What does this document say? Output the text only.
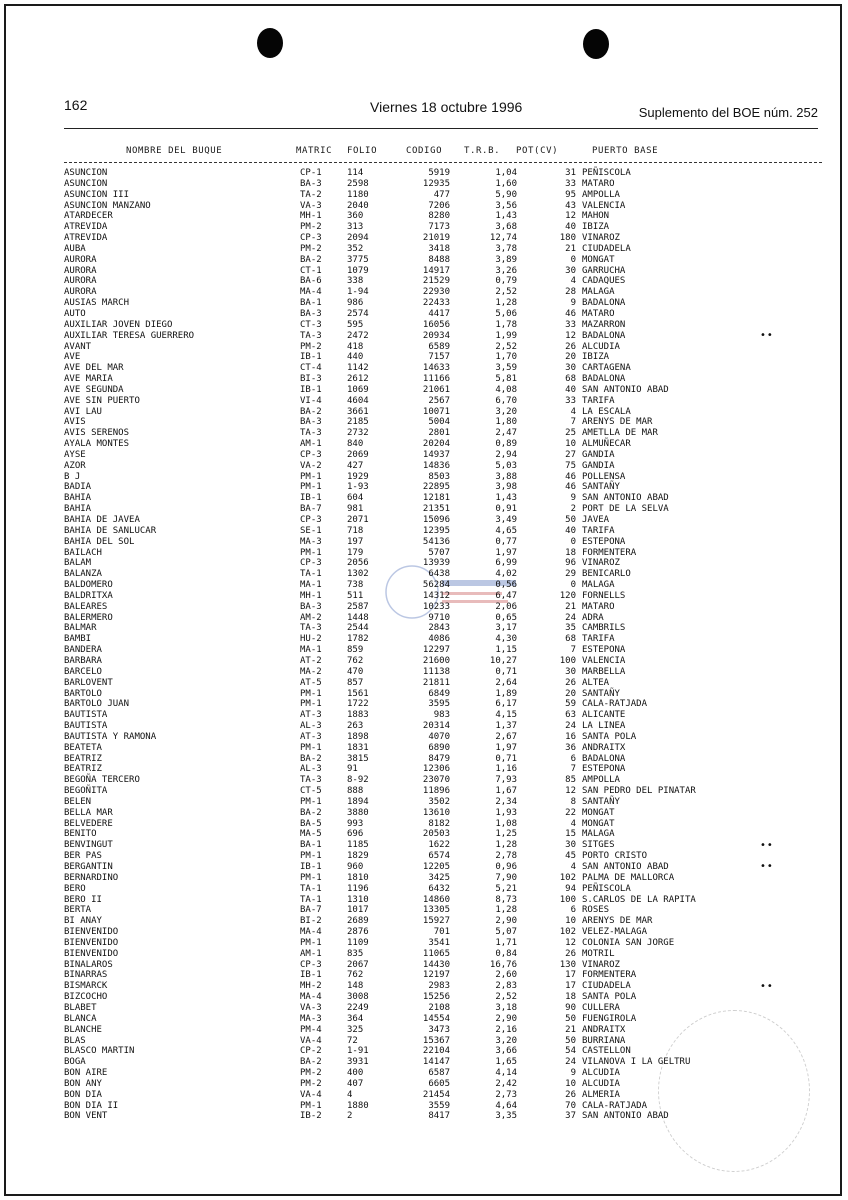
162	Viernes 18 octubre 1996	Suplemento del BOE núm. 252
NOMBRE DEL BUQUE	MATRIC FOLIO	CODIGO T.R.B. POT(CV)	PUERTO BASE
ASUNCION	CP-1	114	5919	1,04	31 PEÑISCOLA
ASUNCION	BA-3	2598	12935	1,60	33 MATARO
ASUNCION III	TA-2	1180	477	5,90	95 AMPOLLA
ASUNCION MANZANO	VA-3	2040	7206	3,56	43 VALENCIA
ATARDECER	MH-1	360	8280	1,43	12 MAHON
ATREVIDA	PM-2	313	7173	3,68	40 IBIZA
ATREVIDA	CP-3	2094	21019	12,74	180 VINAROZ
AUBA	PM-2	352	3418	3,78	21 CIUDADELA
AURORA	BA-2	3775	8488	3,89	0 MONGAT
AURORA	CT-1	1079	14917	3,26	30 GARRUCHA
AURORA	BA-6	338	21529	0,79	4 CADAQUES
AURORA	MA-4	1-94	22930	2,52	28 MALAGA
AUSIAS MARCH	BA-1	986	22433	1,28	9 BADALONA
AUTO	BA-3	2574	4417	5,06	46 MATARO
AUXILIAR JOVEN DIEGO	CT-3	595	16056	1,78	33 MAZARRON
AUXILIAR TERESA GUERRERO	TA-3	2472	20934	1,99	12 BADALONA
AVANT	PM-2	418	6589	2,52	26 ALCUDIA
AVE	IB-1	440	7157	1,70	20 IBIZA
AVE DEL MAR	CT-4	1142	14633	3,59	30 CARTAGENA
AVE MARIA	BI-3	2612	11166	5,81	68 BADALONA
AVE SEGUNDA	IB-1	1069	21061	4,08	40 SAN ANTONIO ABAD
AVE SIN PUERTO	VI-4	4604	2567	6,70	33 TARIFA
AVI LAU	BA-2	3661	10071	3,20	4 LA ESCALA
AVIS	BA-3	2185	5004	1,80	7 ARENYS DE MAR
AVIS SERENOS	TA-3	2732	2801	2,47	25 AMETLLA DE MAR
AYALA MONTES	AM-1	840	20204	0,89	10 ALMUÑECAR
AYSE	CP-3	2069	14937	2,94	27 GANDIA
AZOR	VA-2	427	14836	5,03	75 GANDIA
B J	PM-1	1929	8503	3,88	46 POLLENSA
BADIA	PM-1	1-93	22895	3,98	46 SANTAÑY
BAHIA	IB-1	604	12181	1,43	9 SAN ANTONIO ABAD
BAHIA	BA-7	981	21351	0,91	2 PORT DE LA SELVA
BAHIA DE JAVEA	CP-3	2071	15096	3,49	50 JAVEA
BAHIA DE SANLUCAR	SE-1	718	12395	4,65	40 TARIFA
BAHIA DEL SOL	MA-3	197	54136	0,77	0 ESTEPONA
BAILACH	PM-1	179	5707	1,97	18 FORMENTERA
BALAM	CP-3	2056	13939	6,99	96 VINAROZ
BALANZA	TA-1	1302	6438	4,02	29 BENICARLO
BALDOMERO	MA-1	738	56284	0,56	0 MALAGA
BALDRITXA	MH-1	511	14312	6,47	120 FORNELLS
BALEARES	BA-3	2587	10233	2,06	21 MATARO
BALERMERO	AM-2	1448	9710	0,65	24 ADRA
BALMAR	TA-3	2544	2843	3,17	35 CAMBRILS
BAMBI	HU-2	1782	4086	4,30	68 TARIFA
BANDERA	MA-1	859	12297	1,15	7 ESTEPONA
BARBARA	AT-2	762	21600	10,27	100 VALENCIA
BARCELO	MA-2	470	11138	0,71	30 MARBELLA
BARLOVENT	AT-5	857	21811	2,64	26 ALTEA
BARTOLO	PM-1	1561	6849	1,89	20 SANTAÑY
BARTOLO JUAN	PM-1	1722	3595	6,17	59 CALA-RATJADA
BAUTISTA	AT-3	1883	983	4,15	63 ALICANTE
BAUTISTA	AL-3	263	20314	1,37	24 LA LINEA
BAUTISTA Y RAMONA	AT-3	1898	4070	2,67	16 SANTA POLA
BEATETA	PM-1	1831	6890	1,97	36 ANDRAITX
BEATRIZ	BA-2	3815	8479	0,71	6 BADALONA
BEATRIZ	AL-3	91	12306	1,16	7 ESTEPONA
BEGOÑA TERCERO	TA-3	8-92	23070	7,93	85 AMPOLLA
BEGOÑITA	CT-5	888	11896	1,67	12 SAN PEDRO DEL PINATAR
BELEN	PM-1	1894	3502	2,34	8 SANTAÑY
BELLA MAR	BA-2	3880	13610	1,93	22 MONGAT
BELVEDERE	BA-5	993	8182	1,08	4 MONGAT
BENITO	MA-5	696	20503	1,25	15 MALAGA
BENVINGUT	BA-1	1185	1622	1,28	30 SITGES
BER PAS	PM-1	1829	6574	2,78	45 PORTO CRISTO
BERGANTIN	IB-1	960	12205	0,96	4 SAN ANTONIO ABAD
BERNARDINO	PM-1	1810	3425	7,90	102 PALMA DE MALLORCA
BERO	TA-1	1196	6432	5,21	94 PEÑISCOLA
BERO II	TA-1	1310	14860	8,73	100 S.CARLOS DE LA RAPITA
BERTA	BA-7	1017	13305	1,28	6 ROSES
BI ANAY	BI-2	2689	15927	2,90	10 ARENYS DE MAR
BIENVENIDO	MA-4	2876	701	5,07	102 VELEZ-MALAGA
BIENVENIDO	PM-1	1109	3541	1,71	12 COLONIA SAN JORGE
BIENVENIDO	AM-1	835	11065	0,84	26 MOTRIL
BINALAROS	CP-3	2067	14430	16,76	130 VINAROZ
BINARRAS	IB-1	762	12197	2,60	17 FORMENTERA
BISMARCK	MH-2	148	2983	2,83	17 CIUDADELA
BIZCOCHO	MA-4	3008	15256	2,52	18 SANTA POLA
BLABET	VA-3	2249	2108	3,18	90 CULLERA
BLANCA	MA-3	364	14554	2,90	50 FUENGIROLA
BLANCHE	PM-4	325	3473	2,16	21 ANDRAITX
BLAS	VA-4	72	15367	3,20	50 BURRIANA
BLASCO MARTIN	CP-2	1-91	22104	3,66	54 CASTELLON
BOGA	BA-2	3931	14147	1,65	24 VILANOVA I LA GELTRU
BON AIRE	PM-2	400	6587	4,14	9 ALCUDIA
BON ANY	PM-2	407	6605	2,42	10 ALCUDIA
BON DIA	VA-4	4	21454	2,73	26 ALMERIA
BON DIA II	PM-1	1880	3559	4,64	70 CALA-RATJADA
BON VENT	IB-2	2	8417	3,35	37 SAN ANTONIO ABAD
••
••
••
••
